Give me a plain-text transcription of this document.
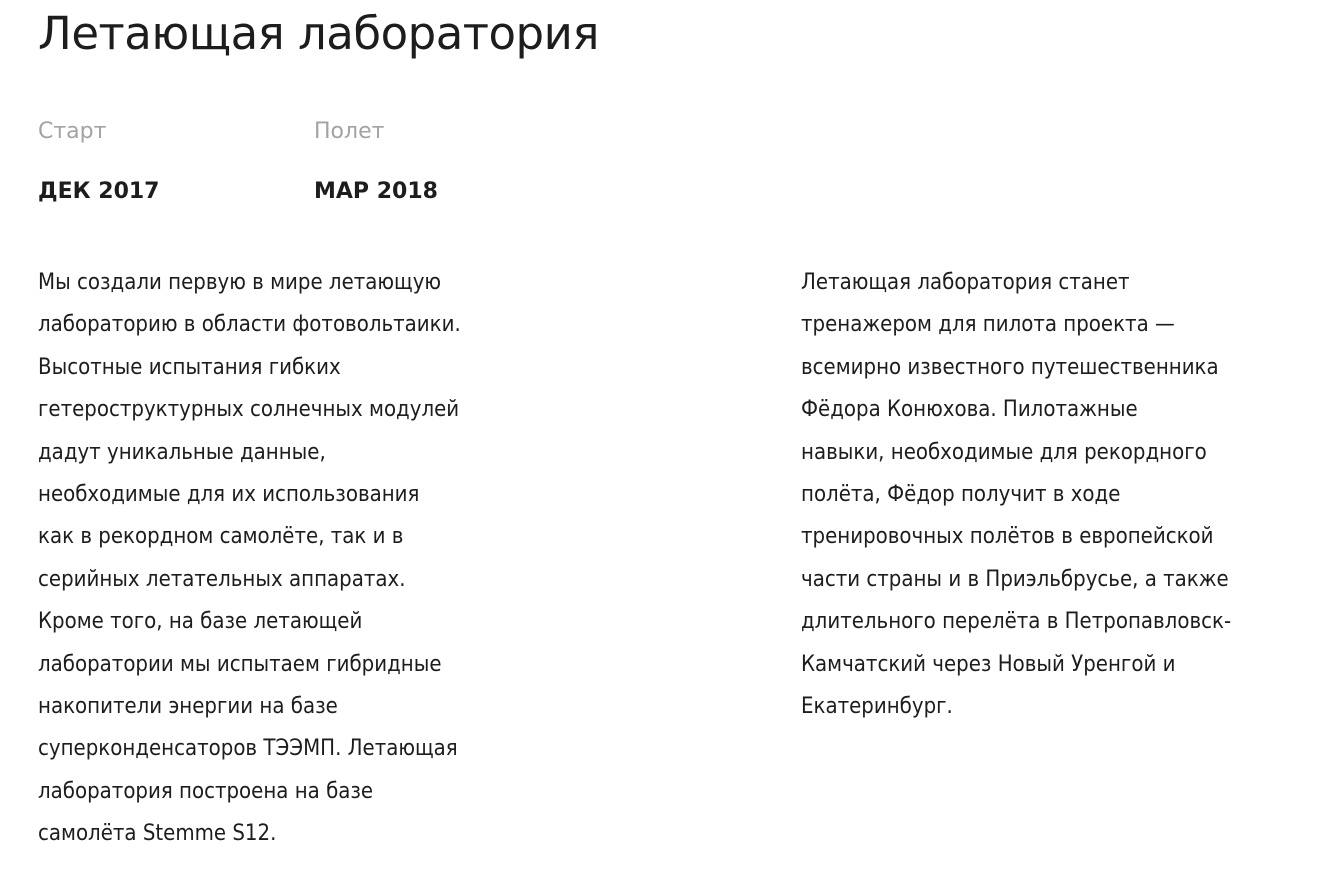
Летающая лаборатория
Старт
ДЕК 2017
Полет
МАР 2018

Мы создали первую в мире летающую
лабораторию в области фотовольтаики.
Высотные испытания гибких
гетероструктурных солнечных модулей
дадут уникальные данные,
необходимые для их использования
как в рекордном самолёте, так и в
серийных летательных аппаратах.
Кроме того, на базе летающей
лаборатории мы испытаем гибридные
накопители энергии на базе
суперконденсаторов ТЭЭМП. Летающая
лаборатория построена на базе
самолёта Stemme S12.

Летающая лаборатория станет
тренажером для пилота проекта —
всемирно известного путешественника
Фёдора Конюхова. Пилотажные
навыки, необходимые для рекордного
полёта, Фёдор получит в ходе
тренировочных полётов в европейской
части страны и в Приэльбрусье, а также
длительного перелёта в Петропавловск-
Камчатский через Новый Уренгой и
Екатеринбург.
